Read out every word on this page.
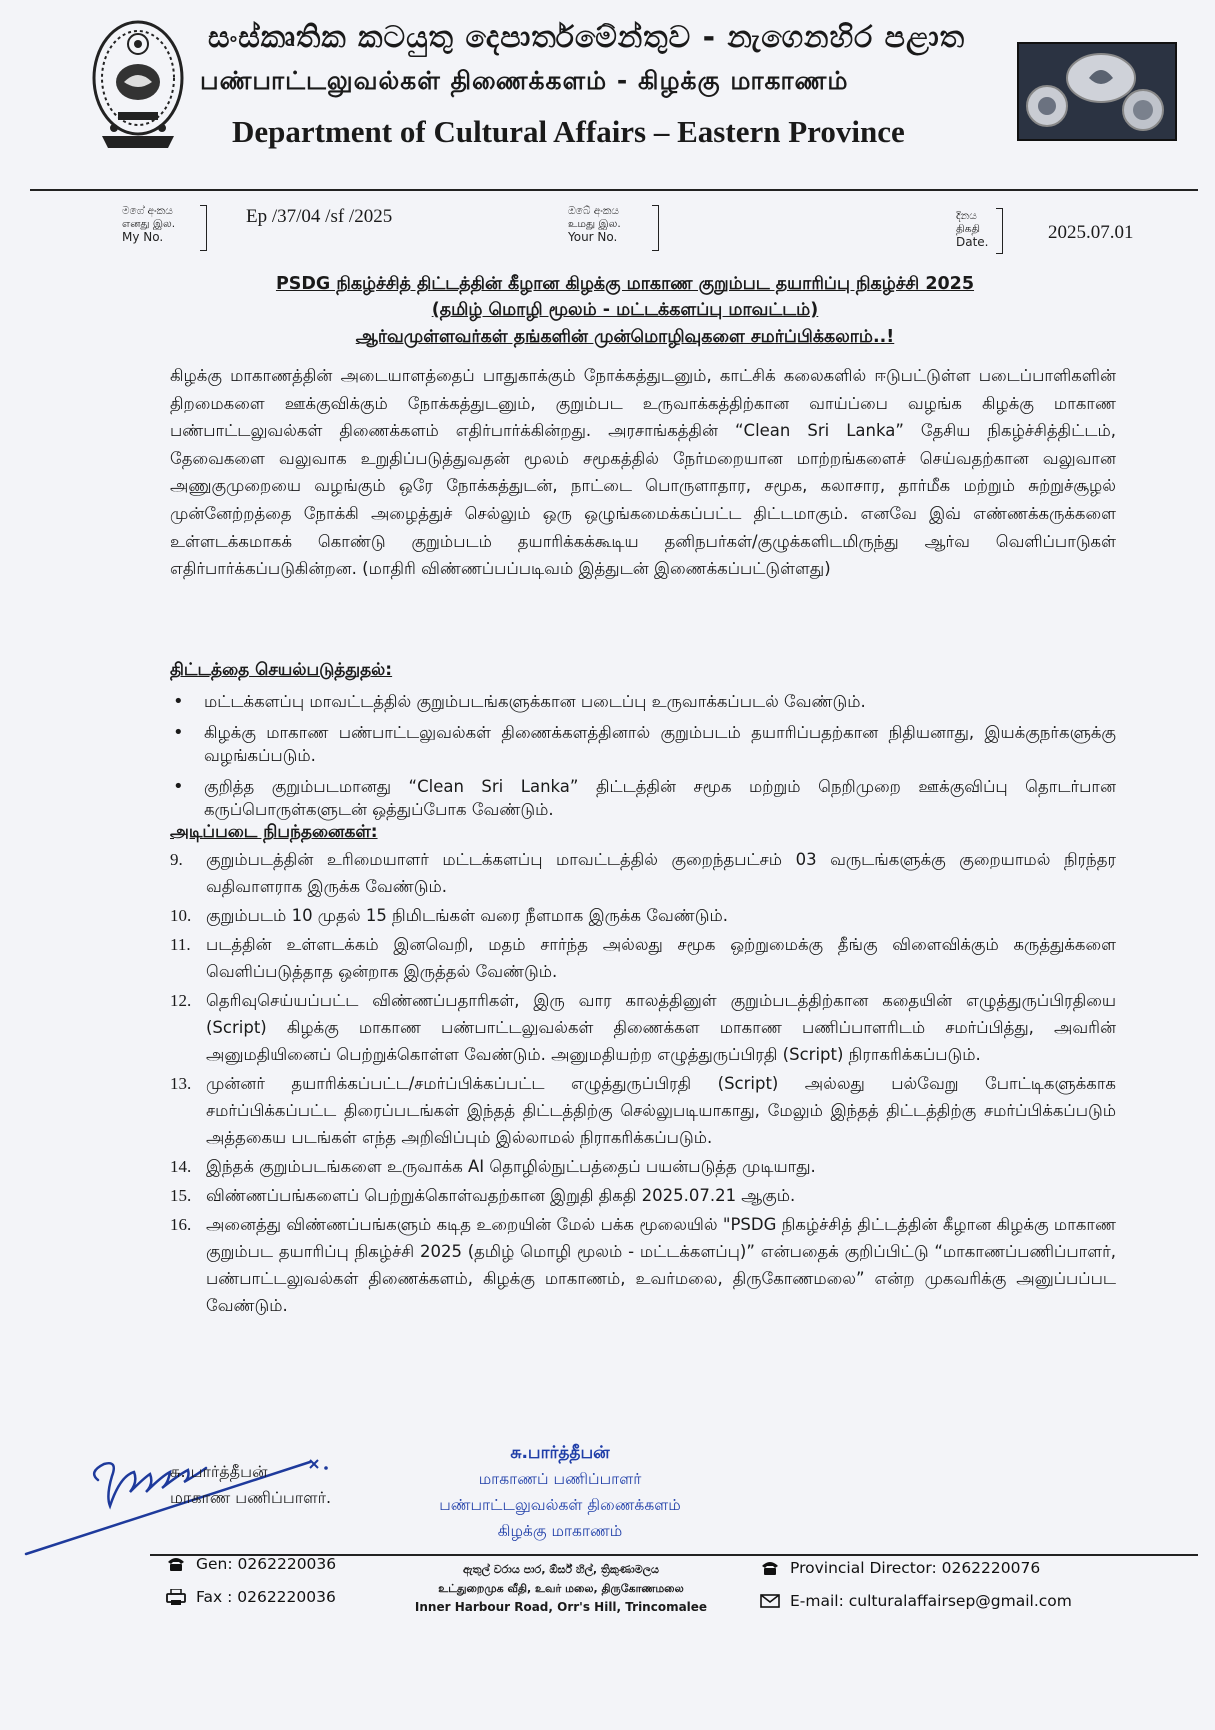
සංස්කෘතික කටයුතු දෙපාර්තමේන්තුව - නැගෙනහිර පළාත
பண்பாட்டலுவல்கள் திணைக்களம் - கிழக்கு மாகாணம்
Department of Cultural Affairs – Eastern Province
මගේ අංකය
எனது இல.
My No.
Ep /37/04 /sf /2025	ඔබේ අංකය
உமது இல.
Your No.
දිනය
திகதி
Date.	2025.07.01
PSDG நிகழ்ச்சித் திட்டத்தின் கீழான கிழக்கு மாகாண குறும்பட தயாரிப்பு நிகழ்ச்சி 2025
(தமிழ் மொழி மூலம் - மட்டக்களப்பு மாவட்டம்)
ஆர்வமுள்ளவர்கள் தங்களின் முன்மொழிவுகளை சமர்ப்பிக்கலாம்..!
கிழக்கு மாகாணத்தின் அடையாளத்தைப் பாதுகாக்கும் நோக்கத்துடனும், காட்சிக் கலைகளில் ஈடுபட்டுள்ள படைப்பாளிகளின் திறமைகளை ஊக்குவிக்கும் நோக்கத்துடனும், குறும்பட உருவாக்கத்திற்கான வாய்ப்பை வழங்க கிழக்கு மாகாண பண்பாட்டலுவல்கள் திணைக்களம் எதிர்பார்க்கின்றது. அரசாங்கத்தின் “Clean Sri Lanka” தேசிய நிகழ்ச்சித்திட்டம், தேவைகளை வலுவாக உறுதிப்படுத்துவதன் மூலம் சமூகத்தில் நேர்மறையான மாற்றங்களைச் செய்வதற்கான வலுவான அணுகுமுறையை வழங்கும் ஒரே நோக்கத்துடன், நாட்டை பொருளாதார, சமூக, கலாசார, தார்மீக மற்றும் சுற்றுச்சூழல் முன்னேற்றத்தை நோக்கி அழைத்துச் செல்லும் ஒரு ஒழுங்கமைக்கப்பட்ட திட்டமாகும். எனவே இவ் எண்ணக்கருக்களை உள்ளடக்கமாகக் கொண்டு குறும்படம் தயாரிக்கக்கூடிய தனிநபர்கள்/குழுக்களிடமிருந்து ஆர்வ வெளிப்பாடுகள் எதிர்பார்க்கப்படுகின்றன. (மாதிரி விண்ணப்பப்படிவம் இத்துடன் இணைக்கப்பட்டுள்ளது)
திட்டத்தை செயல்படுத்துதல்:
• மட்டக்களப்பு மாவட்டத்தில் குறும்படங்களுக்கான படைப்பு உருவாக்கப்படல் வேண்டும்.
• கிழக்கு மாகாண பண்பாட்டலுவல்கள் திணைக்களத்தினால் குறும்படம் தயாரிப்பதற்கான நிதியனாது, இயக்குநர்களுக்கு வழங்கப்படும்.
• குறித்த குறும்படமானது “Clean Sri Lanka” திட்டத்தின் சமூக மற்றும் நெறிமுறை ஊக்குவிப்பு தொடர்பான கருப்பொருள்களுடன் ஒத்துப்போக வேண்டும்.
அடிப்படை நிபந்தனைகள்:
9. குறும்படத்தின் உரிமையாளர் மட்டக்களப்பு மாவட்டத்தில் குறைந்தபட்சம் 03 வருடங்களுக்கு குறையாமல் நிரந்தர வதிவாளராக இருக்க வேண்டும்.
10. குறும்படம் 10 முதல் 15 நிமிடங்கள் வரை நீளமாக இருக்க வேண்டும்.
11. படத்தின் உள்ளடக்கம் இனவெறி, மதம் சார்ந்த அல்லது சமூக ஒற்றுமைக்கு தீங்கு விளைவிக்கும் கருத்துக்களை வெளிப்படுத்தாத ஒன்றாக இருத்தல் வேண்டும்.
12. தெரிவுசெய்யப்பட்ட விண்ணப்பதாரிகள், இரு வார காலத்தினுள் குறும்படத்திற்கான கதையின் எழுத்துருப்பிரதியை (Script) கிழக்கு மாகாண பண்பாட்டலுவல்கள் திணைக்கள மாகாண பணிப்பாளரிடம் சமர்ப்பித்து, அவரின் அனுமதியினைப் பெற்றுக்கொள்ள வேண்டும். அனுமதியற்ற எழுத்துருப்பிரதி (Script) நிராகரிக்கப்படும்.
13. முன்னர் தயாரிக்கப்பட்ட/சமர்ப்பிக்கப்பட்ட எழுத்துருப்பிரதி (Script) அல்லது பல்வேறு போட்டிகளுக்காக சமர்ப்பிக்கப்பட்ட திரைப்படங்கள் இந்தத் திட்டத்திற்கு செல்லுபடியாகாது, மேலும் இந்தத் திட்டத்திற்கு சமர்ப்பிக்கப்படும் அத்தகைய படங்கள் எந்த அறிவிப்பும் இல்லாமல் நிராகரிக்கப்படும்.
14. இந்தக் குறும்படங்களை உருவாக்க AI தொழில்நுட்பத்தைப் பயன்படுத்த முடியாது.
15. விண்ணப்பங்களைப் பெற்றுக்கொள்வதற்கான இறுதி திகதி 2025.07.21 ஆகும்.
16. அனைத்து விண்ணப்பங்களும் கடித உறையின் மேல் பக்க மூலையில் "PSDG நிகழ்ச்சித் திட்டத்தின் கீழான கிழக்கு மாகாண குறும்பட தயாரிப்பு நிகழ்ச்சி 2025 (தமிழ் மொழி மூலம் - மட்டக்களப்பு)” என்பதைக் குறிப்பிட்டு “மாகாணப்பணிப்பாளர், பண்பாட்டலுவல்கள் திணைக்களம், கிழக்கு மாகாணம், உவர்மலை, திருகோணமலை” என்ற முகவரிக்கு அனுப்பப்பட வேண்டும்.
சு. பார்த்தீபன்
மாகாண பணிப்பாளர்.
சு.பார்த்தீபன்
மாகாணப் பணிப்பாளர்
பண்பாட்டலுவல்கள் திணைக்களம்
கிழக்கு மாகாணம்
Gen: 0262220036
Fax : 0262220036
ඇතුල් වරාය පාර, ඕර්ස් හිල්, ත්‍රිකුණාමලය
உட்துறைமுக வீதி, உவர் மலை, திருகோணமலை
Inner Harbour Road, Orr's Hill, Trincomalee
Provincial Director: 0262220076
E-mail: culturalaffairsep@gmail.com
